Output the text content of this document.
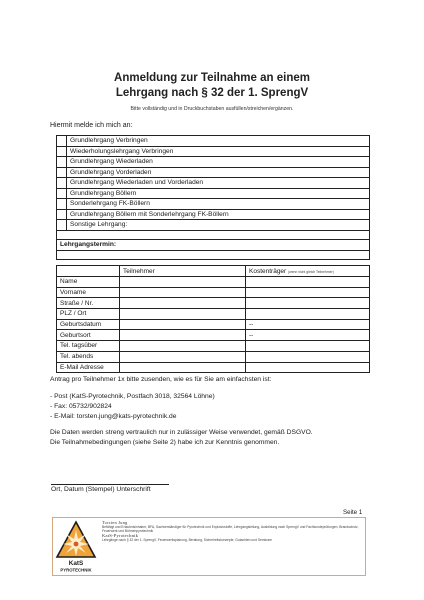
Anmeldung zur Teilnahme an einem
Lehrgang nach § 32 der 1. SprengV
Bitte vollständig und in Druckbuchstaben ausfüllen/streichen/ergänzen.
Hiermit melde ich mich an:
	Grundlehrgang Verbringen
	Wiederholungslehrgang Verbringen
	Grundlehrgang Wiederladen
	Grundlehrgang Vorderladen
	Grundlehrgang Wiederladen und Vorderladen
	Grundlehrgang Böllern
	Sonderlehrgang FK-Böllern
	Grundlehrgang Böllern mit Sonderlehrgang FK-Böllern
	Sonstige Lehrgang:

Lehrgangstermin:	

	Teilnehmer	Kostenträger (wenn nicht gleich Teilnehmer)
Name		
Vorname		
Straße / Nr.		
PLZ / Ort		
Geburtsdatum		--
Geburtsort		--
Tel. tagsüber		
Tel. abends		
E-Mail Adresse		
Antrag pro Teilnehmer 1x bitte zusenden, wie es für Sie am einfachsten ist:
- Post (KatS-Pyrotechnik, Postfach 3018, 32564 Löhne)
- Fax: 05732/902824
- E-Mail: torsten.jung@kats-pyrotechnik.de
Die Daten werden streng vertraulich nur in zulässiger Weise verwendet, gemäß DSGVO.
Die Teilnahmebedingungen (siehe Seite 2) habe ich zur Kenntnis genommen.
Ort, Datum (Stempel) Unterschrift
Seite 1
KatS
PYROTECHNIK
Torsten Jung
Befähigt und Erlaubnisinhaber, BFA, Sachverständiger für Pyrotechnik und Explosivstoffe, Lehrgangsleitung, Ausbildung nach SprengV und Fachkundeprüfungen, Brandschutz, Feuerwerk und Bühnenpyrotechnik
KatS-Pyrotechnik
Lehrgänge nach § 32 der 1. SprengV, Feuerwerksplanung, Beratung, Sicherheitskonzepte, Gutachten und Seminare
